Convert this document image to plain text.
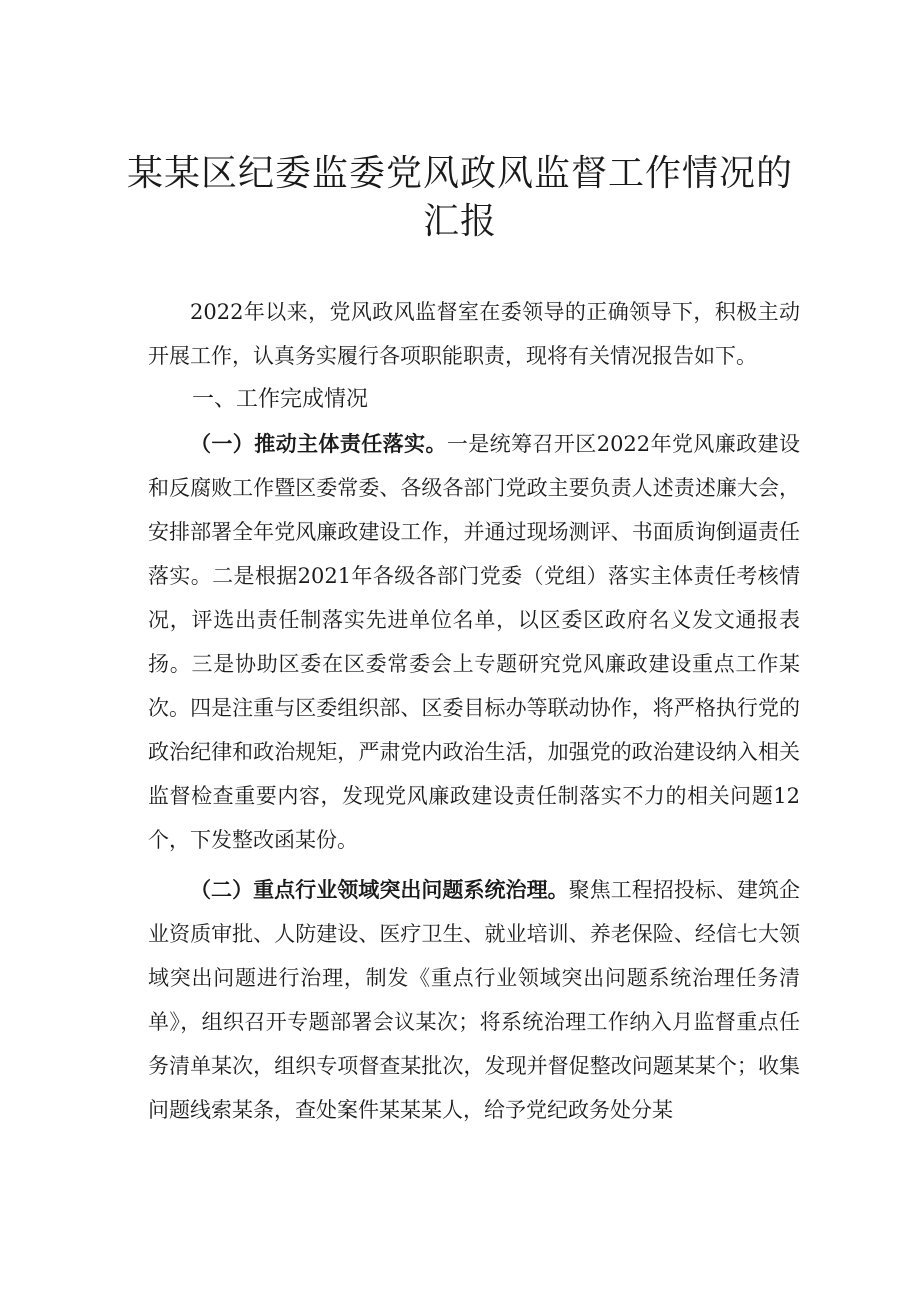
某某区纪委监委党风政风监督工作情况的汇报

2022年以来，党风政风监督室在委领导的正确领导下，积极主动开展工作，认真务实履行各项职能职责，现将有关情况报告如下。

一、工作完成情况

（一）推动主体责任落实。一是统筹召开区2022年党风廉政建设和反腐败工作暨区委常委、各级各部门党政主要负责人述责述廉大会，安排部署全年党风廉政建设工作，并通过现场测评、书面质询倒逼责任落实。二是根据2021年各级各部门党委（党组）落实主体责任考核情况，评选出责任制落实先进单位名单，以区委区政府名义发文通报表扬。三是协助区委在区委常委会上专题研究党风廉政建设重点工作某次。四是注重与区委组织部、区委目标办等联动协作，将严格执行党的政治纪律和政治规矩，严肃党内政治生活，加强党的政治建设纳入相关监督检查重要内容，发现党风廉政建设责任制落实不力的相关问题12个，下发整改函某份。

（二）重点行业领域突出问题系统治理。聚焦工程招投标、建筑企业资质审批、人防建设、医疗卫生、就业培训、养老保险、经信七大领域突出问题进行治理，制发《重点行业领域突出问题系统治理任务清单》，组织召开专题部署会议某次；将系统治理工作纳入月监督重点任务清单某次，组织专项督查某批次，发现并督促整改问题某某个；收集问题线索某条，查处案件某某某人，给予党纪政务处分某
